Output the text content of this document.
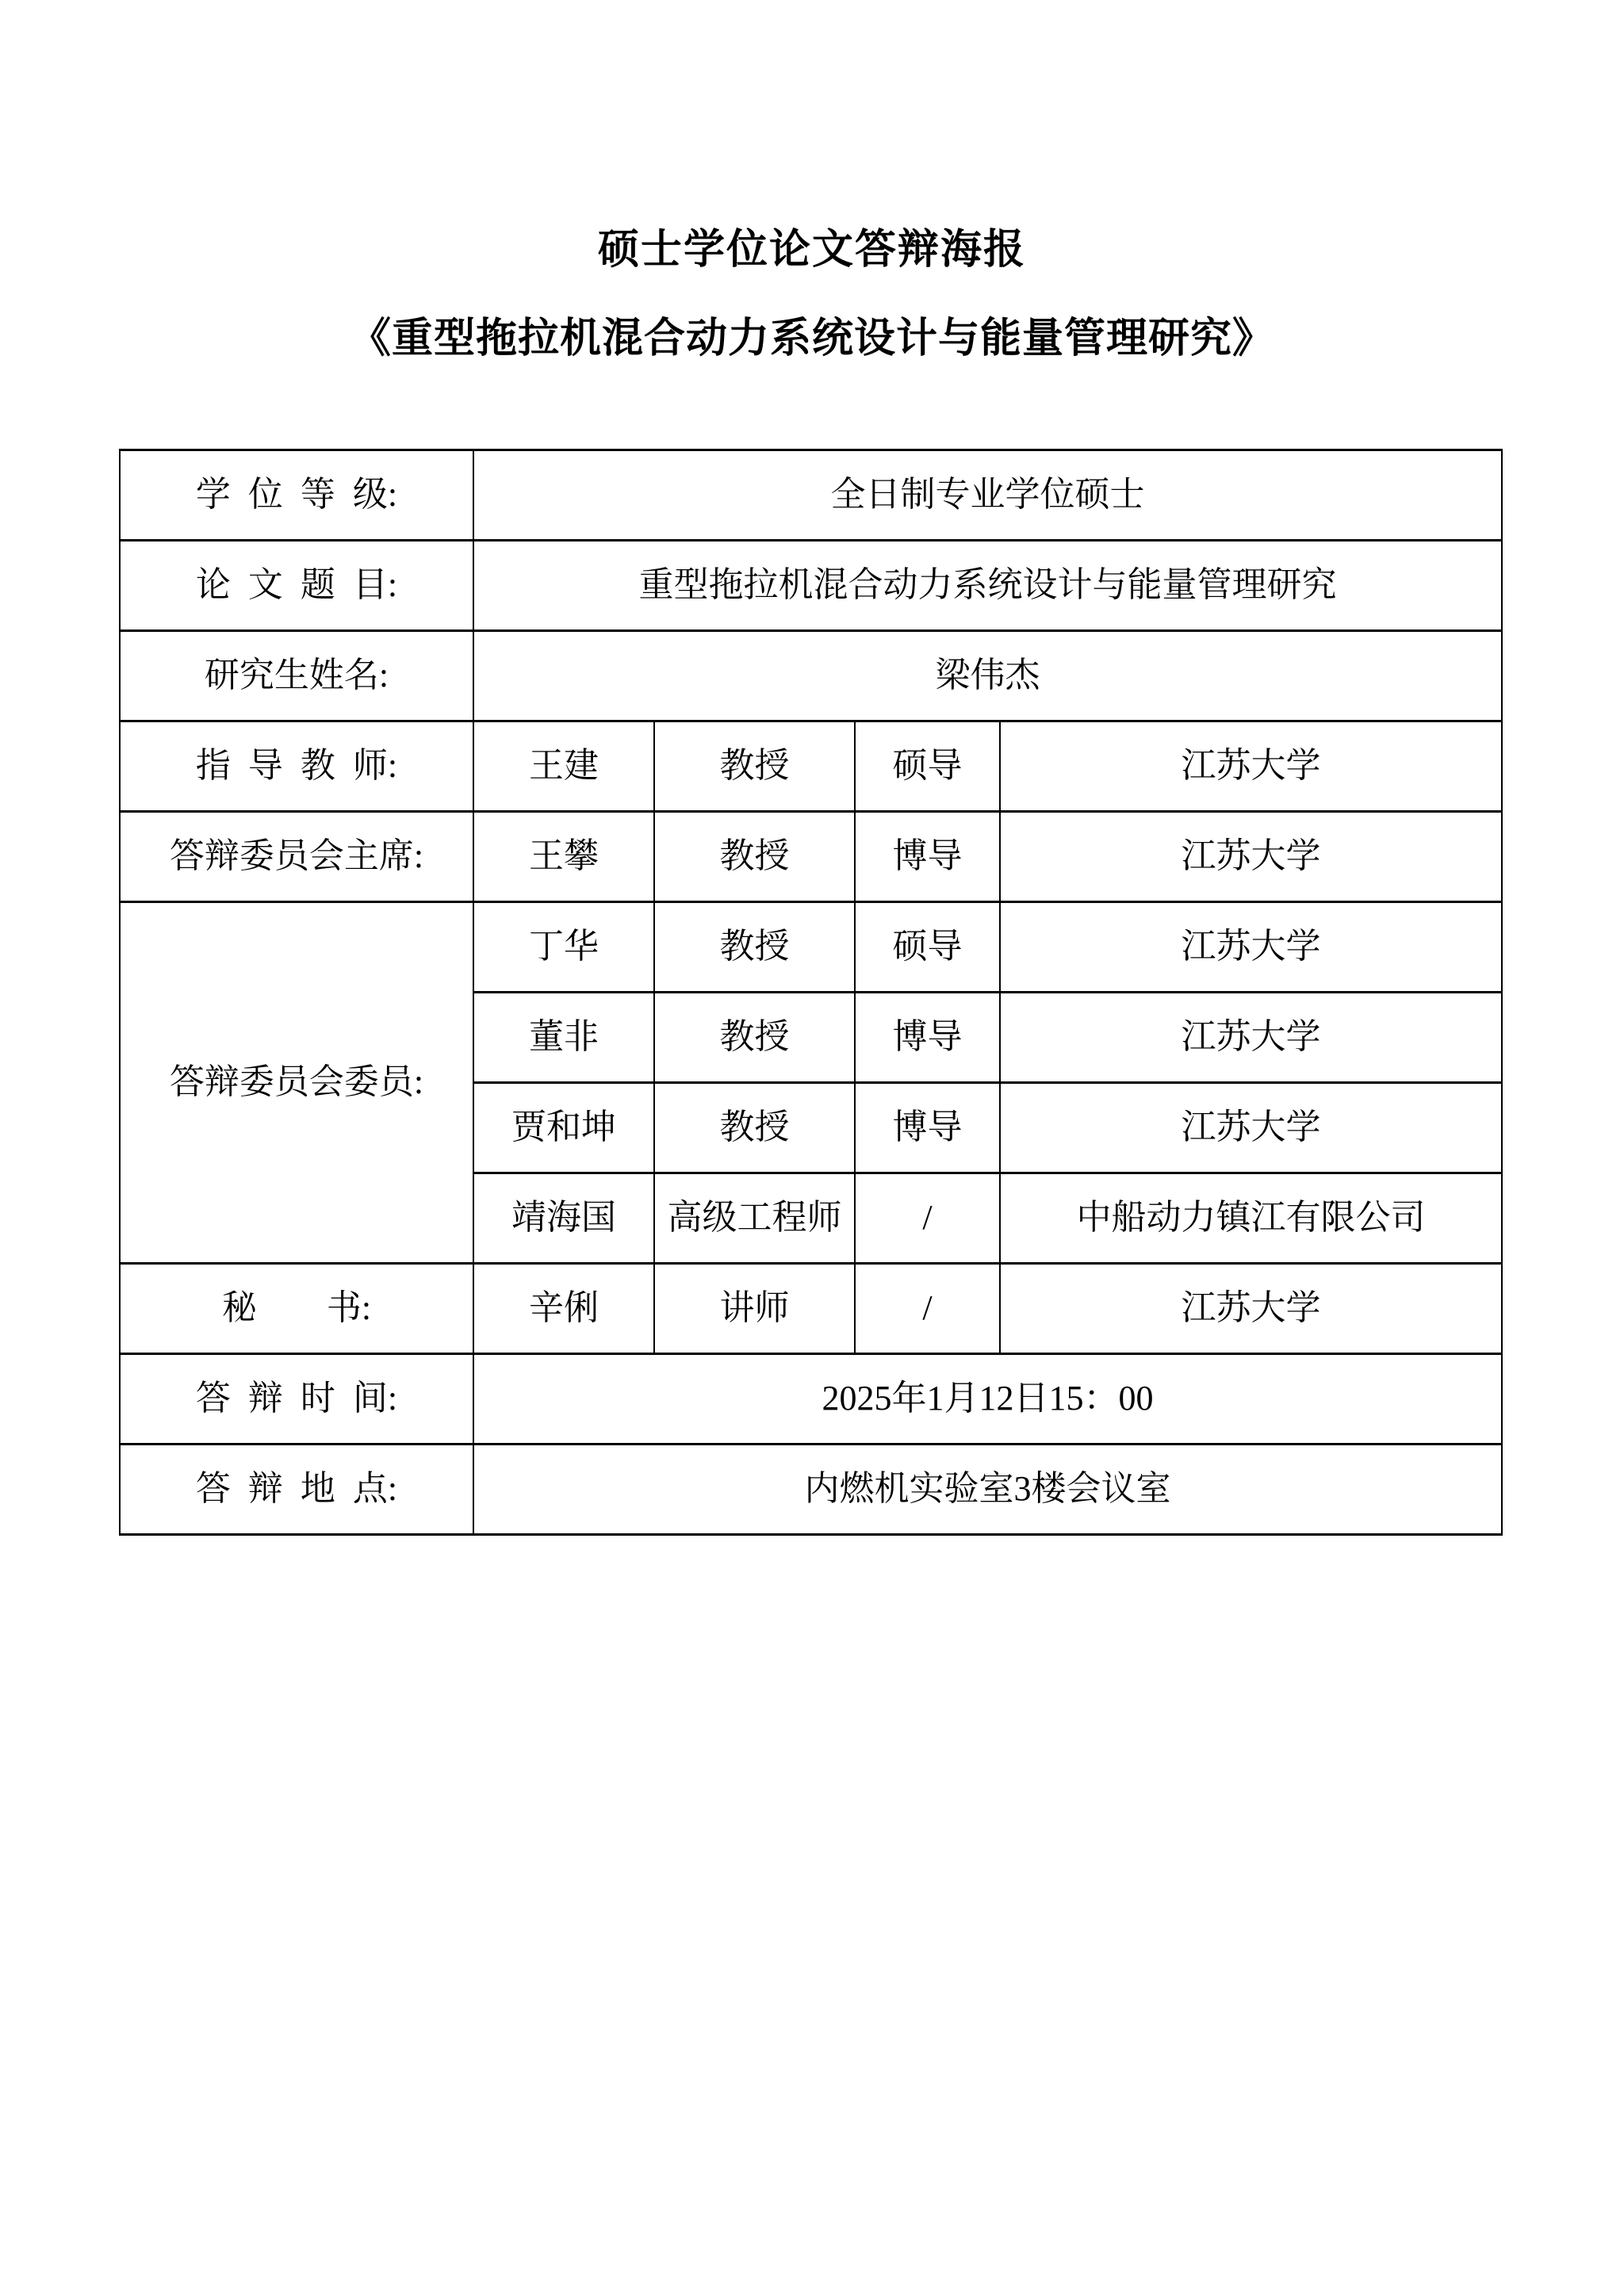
硕士学位论文答辩海报
《重型拖拉机混合动力系统设计与能量管理研究》
学 位 等 级:	全日制专业学位硕士			
论 文 题 目:	重型拖拉机混合动力系统设计与能量管理研究			
研究生姓名:	梁伟杰			
指 导 教 师:	王建	教授	硕导	江苏大学
答辩委员会主席:	王攀	教授	博导	江苏大学
答辩委员会委员:	丁华	教授	硕导	江苏大学
	董非	教授	博导	江苏大学
	贾和坤	教授	博导	江苏大学
	靖海国	高级工程师	/	中船动力镇江有限公司
秘　　书:	辛俐	讲师	/	江苏大学
答 辩 时 间:	2025年1月12日15：00			
答 辩 地 点:	内燃机实验室3楼会议室			
